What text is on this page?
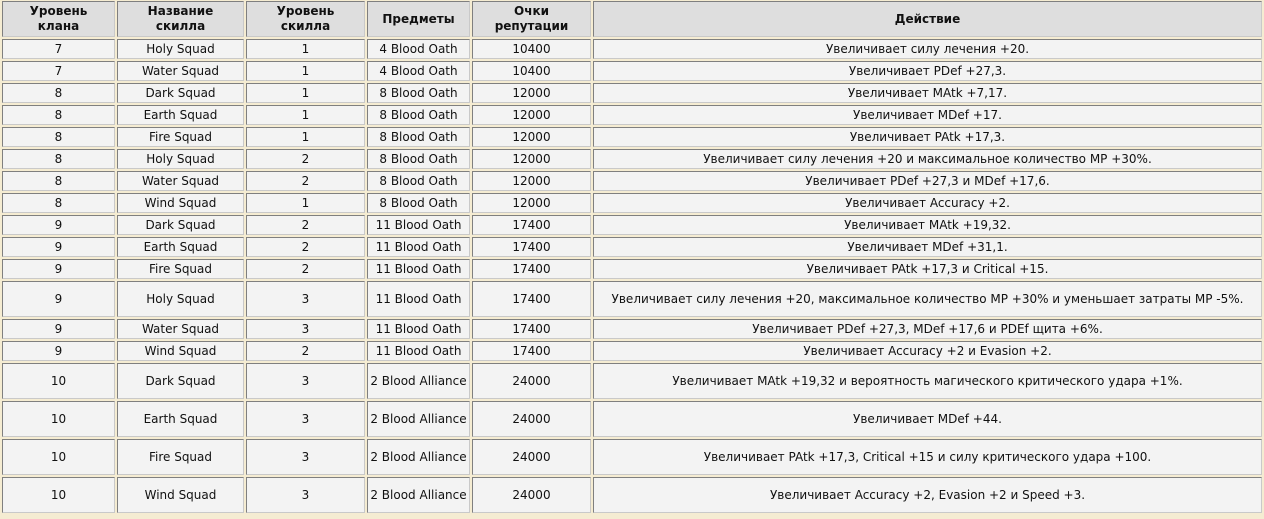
Уровень клана	Название скилла	Уровень скилла	Предметы	Очки репутации	Действие
7	Holy Squad	1	4 Blood Oath	10400	Увеличивает силу лечения +20.
7	Water Squad	1	4 Blood Oath	10400	Увеличивает PDef +27,3.
8	Dark Squad	1	8 Blood Oath	12000	Увеличивает MAtk +7,17.
8	Earth Squad	1	8 Blood Oath	12000	Увеличивает MDef +17.
8	Fire Squad	1	8 Blood Oath	12000	Увеличивает PAtk +17,3.
8	Holy Squad	2	8 Blood Oath	12000	Увеличивает силу лечения +20 и максимальное количество MP +30%.
8	Water Squad	2	8 Blood Oath	12000	Увеличивает PDef +27,3 и MDef +17,6.
8	Wind Squad	1	8 Blood Oath	12000	Увеличивает Accuracy +2.
9	Dark Squad	2	11 Blood Oath	17400	Увеличивает MAtk +19,32.
9	Earth Squad	2	11 Blood Oath	17400	Увеличивает MDef +31,1.
9	Fire Squad	2	11 Blood Oath	17400	Увеличивает PAtk +17,3 и Critical +15.
9	Holy Squad	3	11 Blood Oath	17400	Увеличивает силу лечения +20, максимальное количество MP +30% и уменьшает затраты MP -5%.
9	Water Squad	3	11 Blood Oath	17400	Увеличивает PDef +27,3, MDef +17,6 и PDEf щита +6%.
9	Wind Squad	2	11 Blood Oath	17400	Увеличивает Accuracy +2 и Evasion +2.
10	Dark Squad	3	2 Blood Alliance	24000	Увеличивает MAtk +19,32 и вероятность магического критического удара +1%.
10	Earth Squad	3	2 Blood Alliance	24000	Увеличивает MDef +44.
10	Fire Squad	3	2 Blood Alliance	24000	Увеличивает PAtk +17,3, Critical +15 и силу критического удара +100.
10	Wind Squad	3	2 Blood Alliance	24000	Увеличивает Accuracy +2, Evasion +2 и Speed +3.
